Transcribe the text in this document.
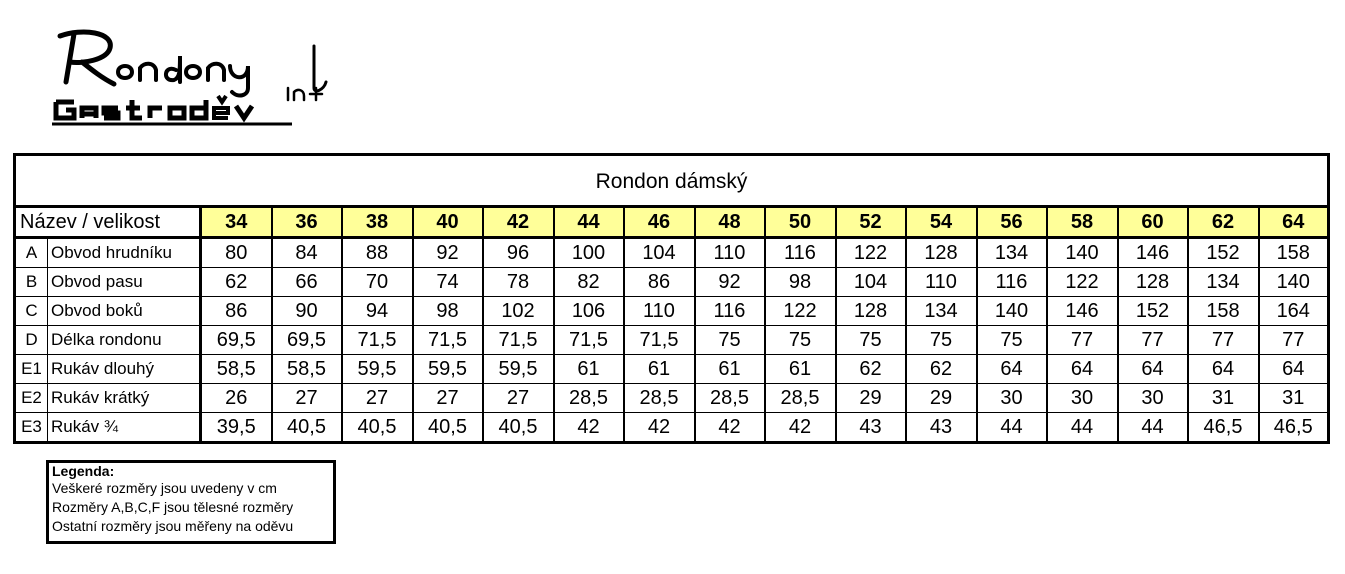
Rondon dámský																	
Název / velikost		34	36	38	40	42	44	46	48	50	52	54	56	58	60	62	64
A	Obvod hrudníku	80	84	88	92	96	100	104	110	116	122	128	134	140	146	152	158
B	Obvod pasu	62	66	70	74	78	82	86	92	98	104	110	116	122	128	134	140
C	Obvod boků	86	90	94	98	102	106	110	116	122	128	134	140	146	152	158	164
D	Délka rondonu	69,5	69,5	71,5	71,5	71,5	71,5	71,5	75	75	75	75	75	77	77	77	77
E1	Rukáv dlouhý	58,5	58,5	59,5	59,5	59,5	61	61	61	61	62	62	64	64	64	64	64
E2	Rukáv krátký	26	27	27	27	27	28,5	28,5	28,5	28,5	29	29	30	30	30	31	31
E3	Rukáv ¾	39,5	40,5	40,5	40,5	40,5	42	42	42	42	43	43	44	44	44	46,5	46,5
Legenda:
Veškeré rozměry jsou uvedeny v cm
Rozměry A,B,C,F jsou tělesné rozměry
Ostatní rozměry jsou měřeny na oděvu
